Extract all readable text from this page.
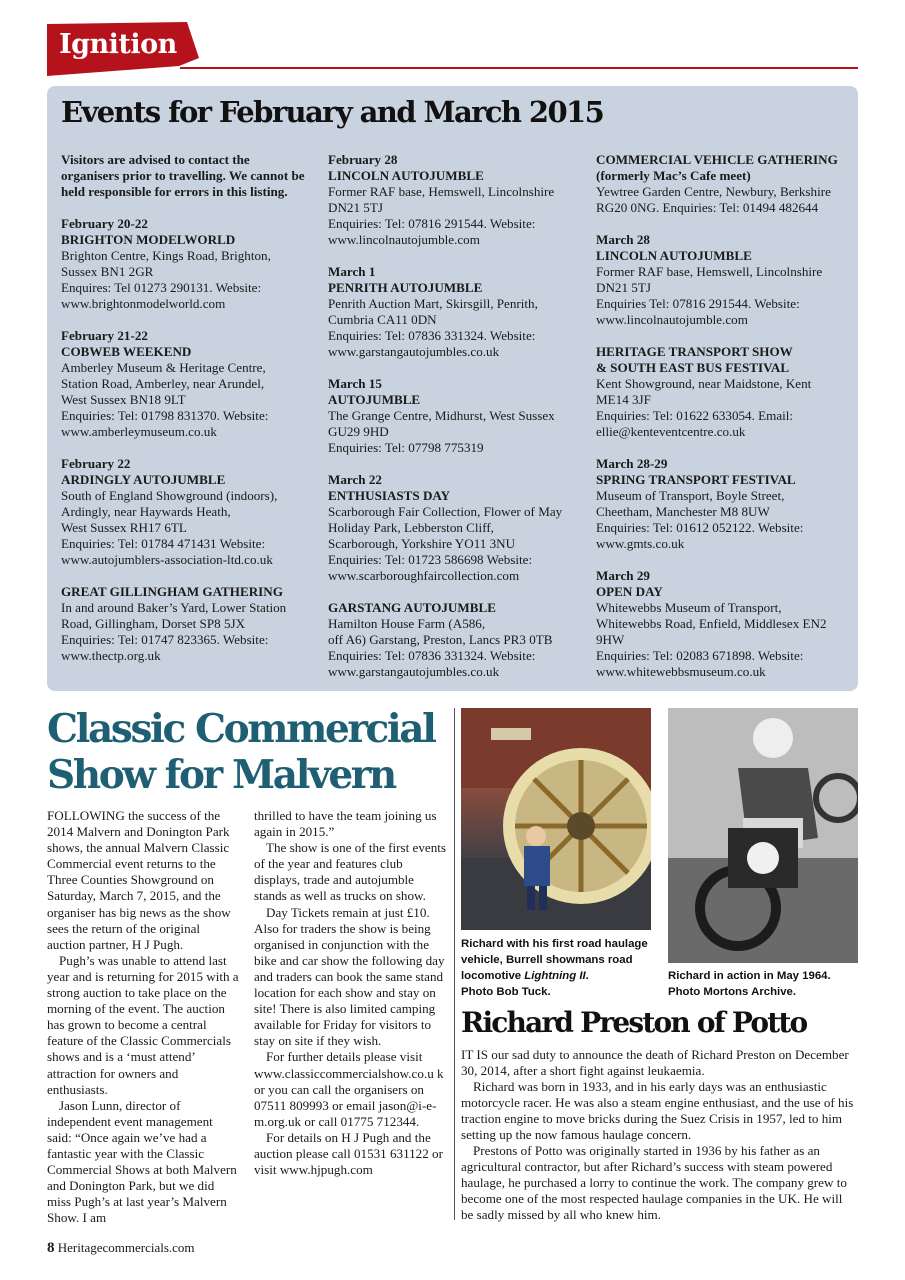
Ignition
Events for February and March 2015

Visitors are advised to contact the organisers prior to travelling. We cannot be held responsible for errors in this listing.

February 20-22

BRIGHTON MODELWORLD

Brighton Centre, Kings Road, Brighton,

Sussex BN1 2GR

Enquires: Tel 01273 290131. Website:

www.brightonmodelworld.com

February 21-22

COBWEB WEEKEND

Amberley Museum & Heritage Centre,

Station Road, Amberley, near Arundel,

West Sussex BN18 9LT

Enquiries: Tel: 01798 831370. Website:

www.amberleymuseum.co.uk

February 22

ARDINGLY AUTOJUMBLE

South of England Showground (indoors),

Ardingly, near Haywards Heath,

West Sussex RH17 6TL

Enquiries: Tel: 01784 471431 Website:

www.autojumblers-association-ltd.co.uk

GREAT GILLINGHAM GATHERING

In and around Baker’s Yard, Lower Station

Road, Gillingham, Dorset SP8 5JX

Enquiries: Tel: 01747 823365. Website:

www.thectp.org.uk

February 28

LINCOLN AUTOJUMBLE

Former RAF base, Hemswell, Lincolnshire

DN21 5TJ

Enquiries: Tel: 07816 291544. Website:

www.lincolnautojumble.com

March 1

PENRITH AUTOJUMBLE

Penrith Auction Mart, Skirsgill, Penrith,

Cumbria CA11 0DN

Enquiries: Tel: 07836 331324. Website:

www.garstangautojumbles.co.uk

March 15

AUTOJUMBLE

The Grange Centre, Midhurst, West Sussex

GU29 9HD

Enquiries: Tel: 07798 775319

March 22

ENTHUSIASTS DAY

Scarborough Fair Collection, Flower of May

Holiday Park, Lebberston Cliff,

Scarborough, Yorkshire YO11 3NU

Enquiries: Tel: 01723 586698 Website:

www.scarboroughfaircollection.com

GARSTANG AUTOJUMBLE

Hamilton House Farm (A586,

off A6) Garstang, Preston, Lancs PR3 0TB

Enquiries: Tel: 07836 331324. Website:

www.garstangautojumbles.co.uk

COMMERCIAL VEHICLE GATHERING

(formerly Mac’s Cafe meet)

Yewtree Garden Centre, Newbury, Berkshire

RG20 0NG. Enquiries: Tel: 01494 482644

March 28

LINCOLN AUTOJUMBLE

Former RAF base, Hemswell, Lincolnshire

DN21 5TJ

Enquiries Tel: 07816 291544. Website:

www.lincolnautojumble.com

HERITAGE TRANSPORT SHOW

& SOUTH EAST BUS FESTIVAL

Kent Showground, near Maidstone, Kent

ME14 3JF

Enquiries: Tel: 01622 633054. Email:

ellie@kenteventcentre.co.uk

March 28-29

SPRING TRANSPORT FESTIVAL

Museum of Transport, Boyle Street,

Cheetham, Manchester M8 8UW

Enquiries: Tel: 01612 052122. Website:

www.gmts.co.uk

March 29

OPEN DAY

Whitewebbs Museum of Transport,

Whitewebbs Road, Enfield, Middlesex EN2

9HW

Enquiries: Tel: 02083 671898. Website:

www.whitewebbsmuseum.co.uk

Classic Commercial Show for Malvern

FOLLOWING the success of the 2014 Malvern and Donington Park shows, the annual Malvern Classic Commercial event returns to the Three Counties Showground on Saturday, March 7, 2015, and the organiser has big news as the show sees the return of the original auction partner, H J Pugh.

Pugh’s was unable to attend last year and is returning for 2015 with a strong auction to take place on the morning of the event. The auction has grown to become a central feature of the Classic Commercials shows and is a ‘must attend’ attraction for owners and enthusiasts.

Jason Lunn, director of independent event management said: “Once again we’ve had a fantastic year with the Classic Commercial Shows at both Malvern and Donington Park, but we did miss Pugh’s at last year’s Malvern Show. I am

thrilled to have the team joining us again in 2015.”

The show is one of the first events of the year and features club displays, trade and autojumble stands as well as trucks on show.

Day Tickets remain at just £10. Also for traders the show is being organised in conjunction with the bike and car show the following day and traders can book the same stand location for each show and stay on site! There is also limited camping available for Friday for visitors to stay on site if they wish.

For further details please visit www.classiccommercialshow.co.u k or you can call the organisers on 07511 809993 or email jason@i-e-m.org.uk or call 01775 712344.

For details on H J Pugh and the auction please call 01531 631122 or visit www.hjpugh.com

Richard with his first road haulage vehicle, Burrell showmans road locomotive Lightning II.
Photo Bob Tuck.
Richard in action in May 1964.
Photo Mortons Archive.
Richard Preston of Potto

IT IS our sad duty to announce the death of Richard Preston on December 30, 2014, after a short fight against leukaemia.

Richard was born in 1933, and in his early days was an enthusiastic motorcycle racer. He was also a steam engine enthusiast, and the use of his traction engine to move bricks during the Suez Crisis in 1957, led to him setting up the now famous haulage concern.

Prestons of Potto was originally started in 1936 by his father as an agricultural contractor, but after Richard’s success with steam powered haulage, he purchased a lorry to continue the work. The company grew to become one of the most respected haulage companies in the UK. He will be sadly missed by all who knew him.

8 Heritagecommercials.com
